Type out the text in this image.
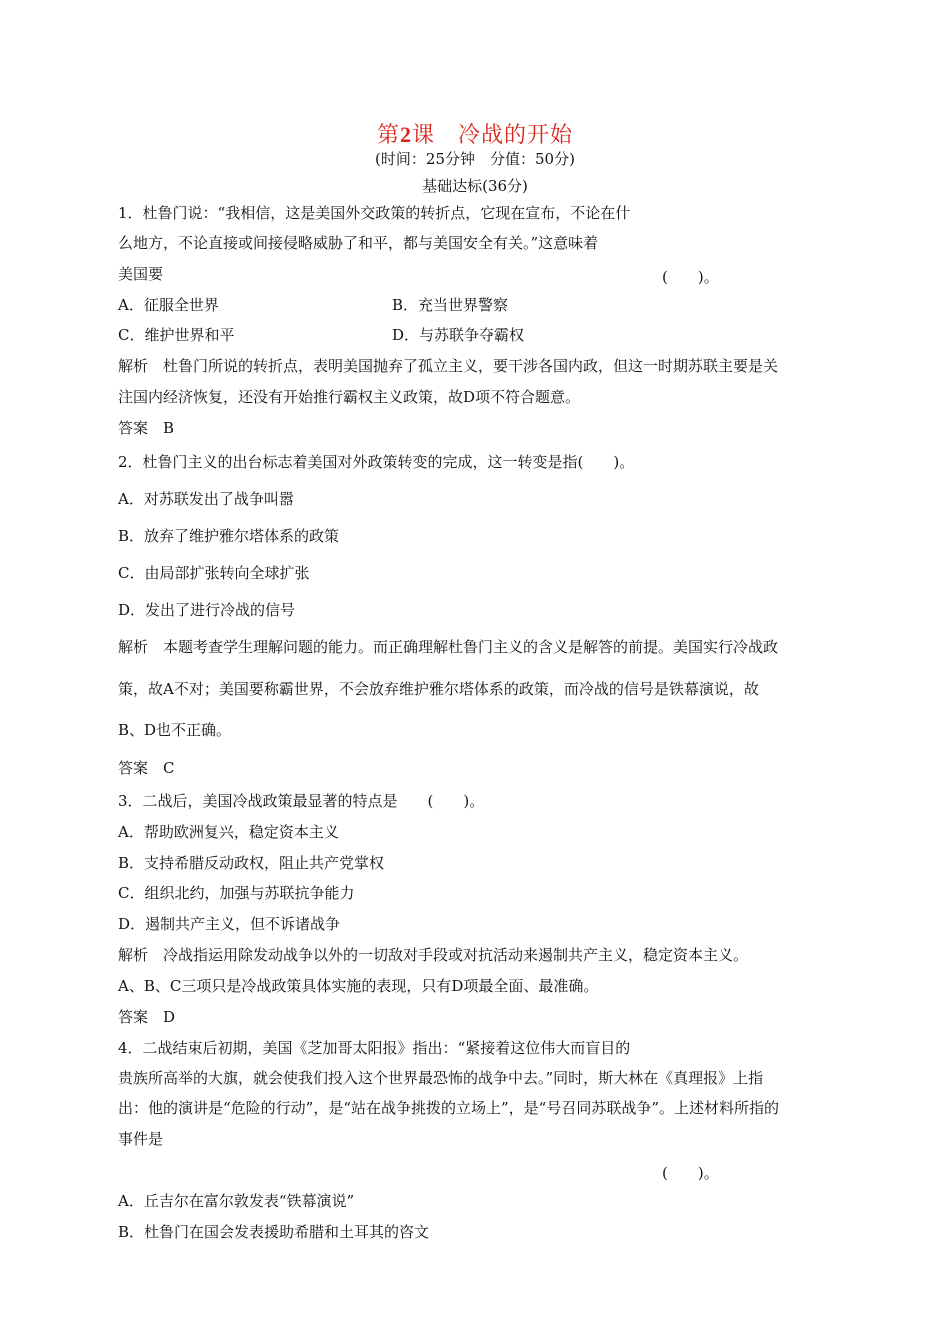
第2课　冷战的开始
(时间：25分钟　分值：50分)
基础达标(36分)
1．杜鲁门说：“我相信，这是美国外交政策的转折点，它现在宣布，不论在什
么地方，不论直接或间接侵略威胁了和平，都与美国安全有关。”这意味着
美国要	(　　)。
A．征服全世界	B．充当世界警察
C．维护世界和平	D．与苏联争夺霸权
解析　杜鲁门所说的转折点，表明美国抛弃了孤立主义，要干涉各国内政，但这一时期苏联主要是关
注国内经济恢复，还没有开始推行霸权主义政策，故D项不符合题意。
答案　B
2．杜鲁门主义的出台标志着美国对外政策转变的完成，这一转变是指(　　)。
A．对苏联发出了战争叫嚣
B．放弃了维护雅尔塔体系的政策
C．由局部扩张转向全球扩张
D．发出了进行冷战的信号
解析　本题考查学生理解问题的能力。而正确理解杜鲁门主义的含义是解答的前提。美国实行冷战政
策，故A不对；美国要称霸世界，不会放弃维护雅尔塔体系的政策，而冷战的信号是铁幕演说，故
B、D也不正确。
答案　C
3．二战后，美国冷战政策最显著的特点是　　(　　)。
A．帮助欧洲复兴，稳定资本主义
B．支持希腊反动政权，阻止共产党掌权
C．组织北约，加强与苏联抗争能力
D．遏制共产主义，但不诉诸战争
解析　冷战指运用除发动战争以外的一切敌对手段或对抗活动来遏制共产主义，稳定资本主义。
A、B、C三项只是冷战政策具体实施的表现，只有D项最全面、最准确。
答案　D
4．二战结束后初期，美国《芝加哥太阳报》指出：“紧接着这位伟大而盲目的
贵族所高举的大旗，就会使我们投入这个世界最恐怖的战争中去。”同时，斯大林在《真理报》上指
出：他的演讲是“危险的行动”，是“站在战争挑拨的立场上”，是“号召同苏联战争”。上述材料所指的
事件是
(　　)。
A．丘吉尔在富尔敦发表“铁幕演说”
B．杜鲁门在国会发表援助希腊和土耳其的咨文
